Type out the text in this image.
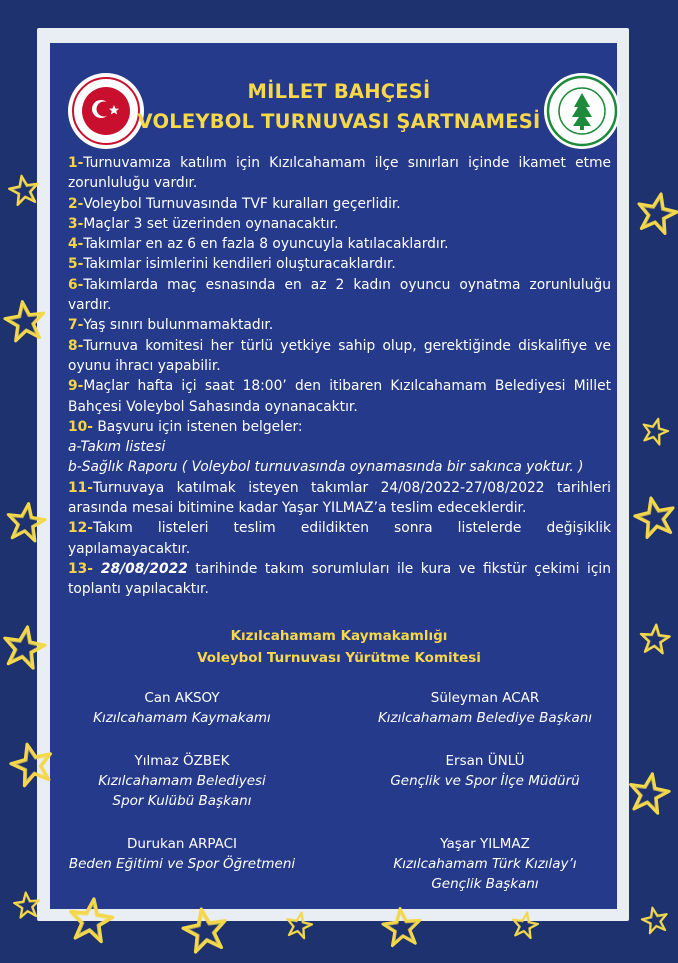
MİLLET BAHÇESİ
VOLEYBOL TURNUVASI ŞARTNAMESİ

1-Turnuvamıza katılım için Kızılcahamam ilçe sınırları içinde ikamet etme zorunluluğu vardır.

2-Voleybol Turnuvasında TVF kuralları geçerlidir.

3-Maçlar 3 set üzerinden oynanacaktır.

4-Takımlar en az 6 en fazla 8 oyuncuyla katılacaklardır.

5-Takımlar isimlerini kendileri oluşturacaklardır.

6-Takımlarda maç esnasında en az 2 kadın oyuncu oynatma zorunluluğu vardır.

7-Yaş sınırı bulunmamaktadır.

8-Turnuva komitesi her türlü yetkiye sahip olup, gerektiğinde diskalifiye ve oyunu ihracı yapabilir.

9-Maçlar hafta içi saat 18:00’ den itibaren Kızılcahamam Belediyesi Millet Bahçesi Voleybol Sahasında oynanacaktır.

10- Başvuru için istenen belgeler:

a-Takım listesi

b-Sağlık Raporu ( Voleybol turnuvasında oynamasında bir sakınca yoktur. )

11-Turnuvaya katılmak isteyen takımlar 24/08/2022-27/08/2022 tarihleri arasında mesai bitimine kadar Yaşar YILMAZ’a teslim edeceklerdir.

12-Takım listeleri teslim edildikten sonra listelerde değişiklik yapılamayacaktır.

13- 28/08/2022 tarihinde takım sorumluları ile kura ve fikstür çekimi için toplantı yapılacaktır.

Kızılcahamam Kaymakamlığı
Voleybol Turnuvası Yürütme Komitesi
Can AKSOY
Kızılcahamam Kaymakamı
Süleyman ACAR
Kızılcahamam Belediye Başkanı
Yılmaz ÖZBEK
Kızılcahamam Belediyesi
Spor Kulübü Başkanı
Ersan ÜNLÜ
Gençlik ve Spor İlçe Müdürü
Durukan ARPACI
Beden Eğitimi ve Spor Öğretmeni
Yaşar YILMAZ
Kızılcahamam Türk Kızılay’ı
Gençlik Başkanı
